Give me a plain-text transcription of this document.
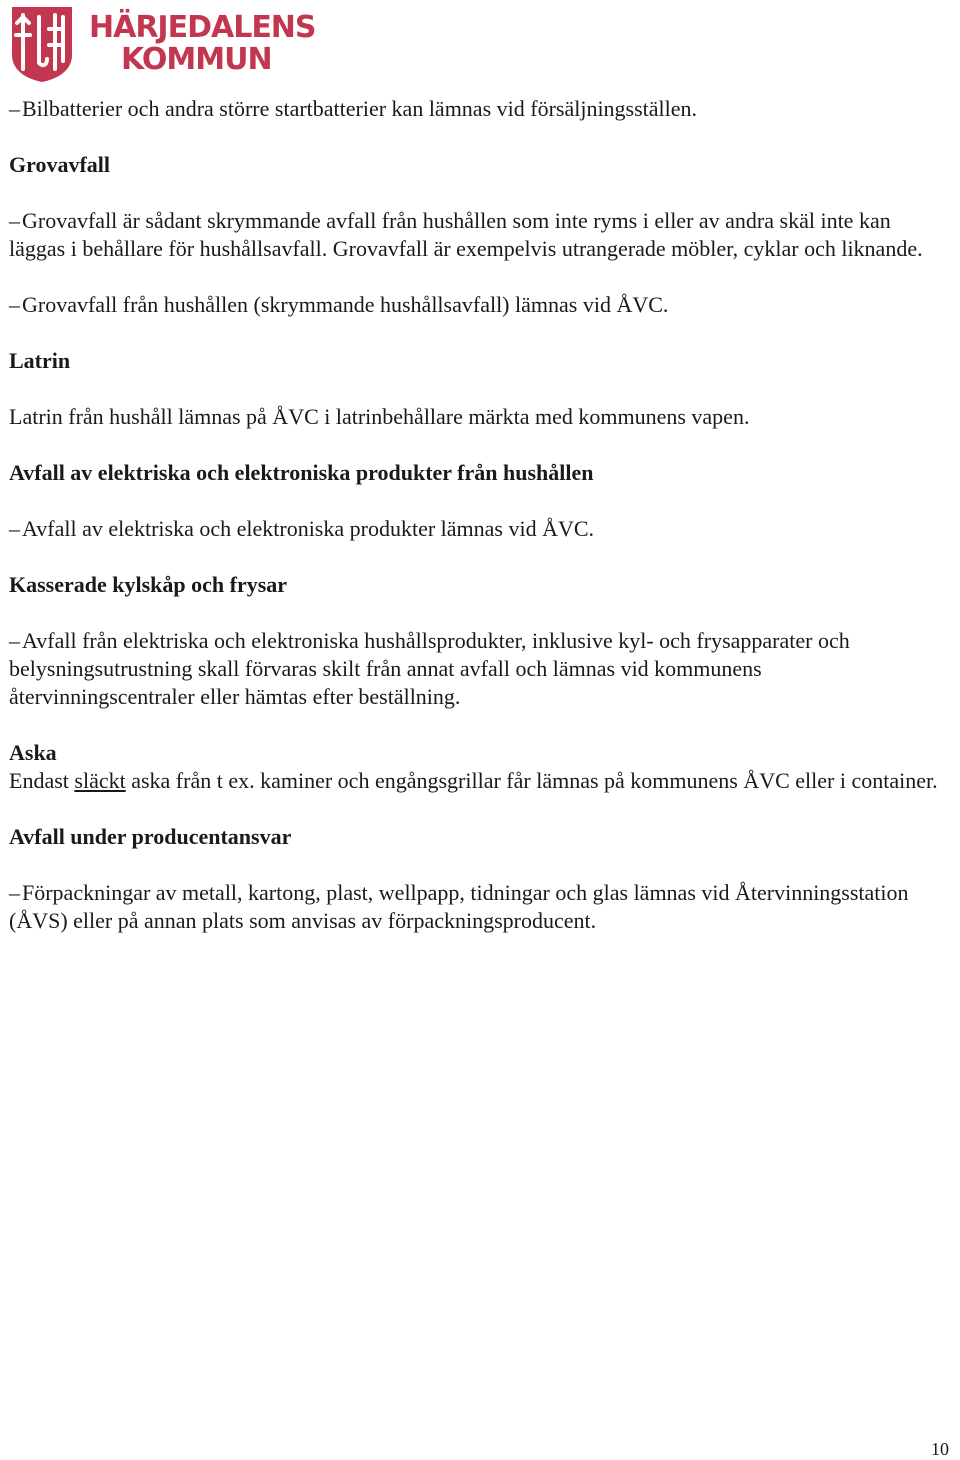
HÄRJEDALENS
KOMMUN

–Bilbatterier och andra större startbatterier kan lämnas vid försäljningsställen.

Grovavfall

–Grovavfall är sådant skrymmande avfall från hushållen som inte ryms i eller av andra skäl inte kan läggas i behållare för hushållsavfall. Grovavfall är exempelvis utrangerade möbler, cyklar och liknande.

–Grovavfall från hushållen (skrymmande hushållsavfall) lämnas vid ÅVC.

Latrin

Latrin från hushåll lämnas på ÅVC i latrinbehållare märkta med kommunens vapen.

Avfall av elektriska och elektroniska produkter från hushållen

–Avfall av elektriska och elektroniska produkter lämnas vid ÅVC.

Kasserade kylskåp och frysar

–Avfall från elektriska och elektroniska hushållsprodukter, inklusive kyl- och frysapparater och belysningsutrustning skall förvaras skilt från annat avfall och lämnas vid kommunens återvinningscentraler eller hämtas efter beställning.

Aska

Endast släckt aska från t ex. kaminer och engångsgrillar får lämnas på kommunens ÅVC eller i container.

Avfall under producentansvar

–Förpackningar av metall, kartong, plast, wellpapp, tidningar och glas lämnas vid Återvinningsstation (ÅVS) eller på annan plats som anvisas av förpackningsproducent.

10
